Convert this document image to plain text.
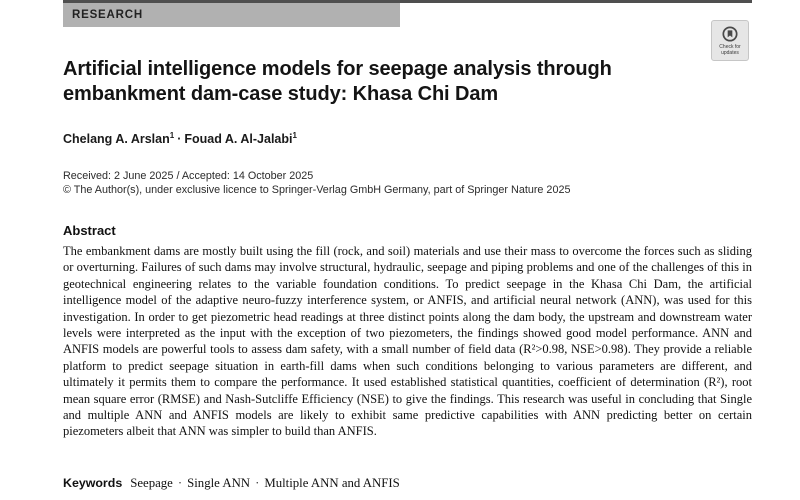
RESEARCH
Check for
updates
Artificial intelligence models for seepage analysis through embankment dam-case study: Khasa Chi Dam
Chelang A. Arslan$^1$ · Fouad A. Al-Jalabi$^1$
Received: 2 June 2025 / Accepted: 14 October 2025
© The Author(s), under exclusive licence to Springer-Verlag GmbH Germany, part of Springer Nature 2025
Abstract

The embankment dams are mostly built using the fill (rock, and soil) materials and use their mass to overcome the forces such as sliding or overturning. Failures of such dams may involve structural, hydraulic, seepage and piping problems and one of the challenges of this in geotechnical engineering relates to the variable foundation conditions. To predict seepage in the Khasa Chi Dam, the artificial intelligence model of the adaptive neuro-fuzzy interference system, or ANFIS, and artificial neural network (ANN), was used for this investigation. In order to get piezometric head readings at three distinct points along the dam body, the upstream and downstream water levels were interpreted as the input with the exception of two piezometers, the findings showed good model performance. ANN and ANFIS models are powerful tools to assess dam safety, with a small number of field data (R²>0.98, NSE>0.98). They provide a reliable platform to predict seepage situation in earth-fill dams when such conditions belonging to various parameters are different, and ultimately it permits them to compare the performance. It used established statistical quantities, coefficient of determination (R²), root mean square error (RMSE) and Nash-Sutcliffe Efficiency (NSE) to give the findings. This research was useful in concluding that Single and multiple ANN and ANFIS models are likely to exhibit same predictive capabilities with ANN predicting better on certain piezometers albeit that ANN was simpler to build than ANFIS.

Keywords Seepage · Single ANN · Multiple ANN and ANFIS
